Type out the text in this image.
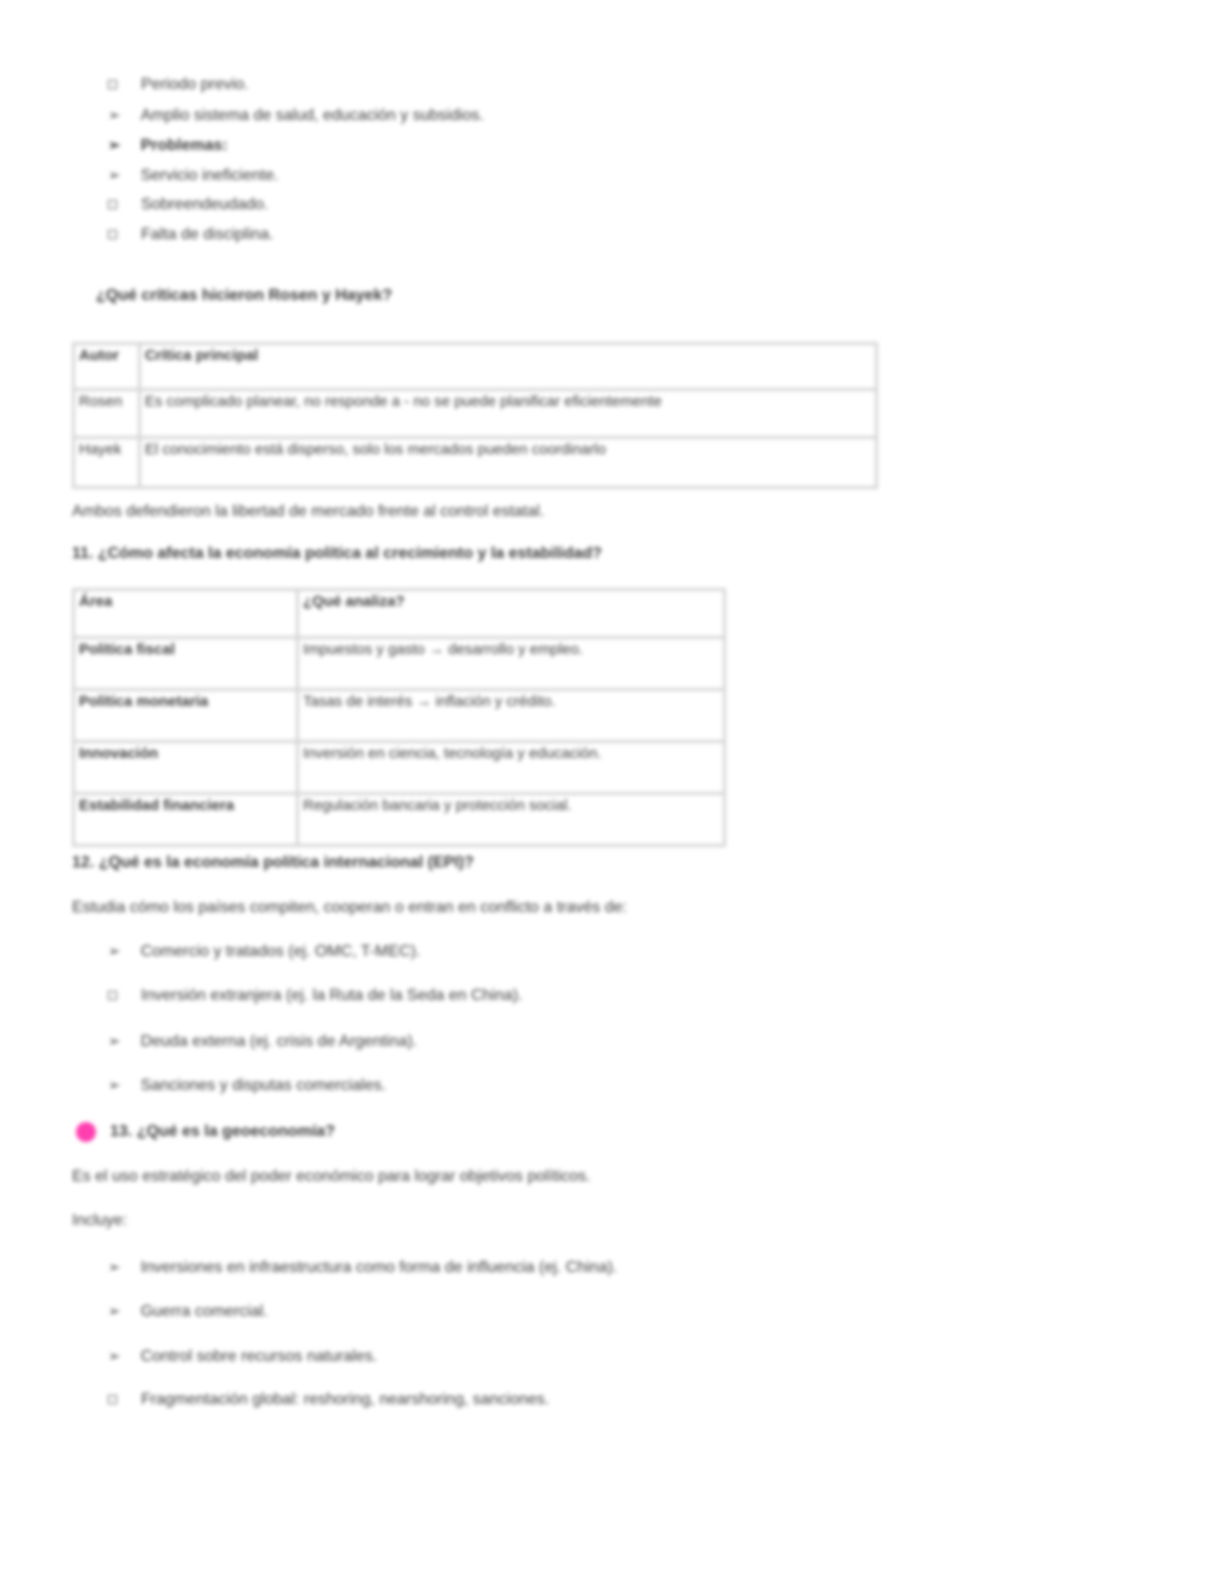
Periodo previo.
➢ Amplio sistema de salud, educación y subsidios.
➢ Problemas:
➢ Servicio ineficiente.
Sobreendeudado.
Falta de disciplina.
¿Qué críticas hicieron Rosen y Hayek?
Autor	Crítica principal
Rosen	Es complicado planear, no responde a - no se puede planificar eficientemente
Hayek	El conocimiento está disperso, solo los mercados pueden coordinarlo
Ambos defendieron la libertad de mercado frente al control estatal.
11. ¿Cómo afecta la economía política al crecimiento y la estabilidad?
Área	¿Qué analiza?
Política fiscal	Impuestos y gasto → desarrollo y empleo.
Política monetaria	Tasas de interés → inflación y crédito.
Innovación	Inversión en ciencia, tecnología y educación.
Estabilidad financiera	Regulación bancaria y protección social.
12. ¿Qué es la economía política internacional (EPI)?
Estudia cómo los países compiten, cooperan o entran en conflicto a través de:
➢ Comercio y tratados (ej. OMC, T-MEC).
Inversión extranjera (ej. la Ruta de la Seda en China).
➢ Deuda externa (ej. crisis de Argentina).
➢ Sanciones y disputas comerciales.
13. ¿Qué es la geoeconomía?
Es el uso estratégico del poder económico para lograr objetivos políticos.
Incluye:
➢ Inversiones en infraestructura como forma de influencia (ej. China).
➢ Guerra comercial.
➢ Control sobre recursos naturales.
Fragmentación global: reshoring, nearshoring, sanciones.
